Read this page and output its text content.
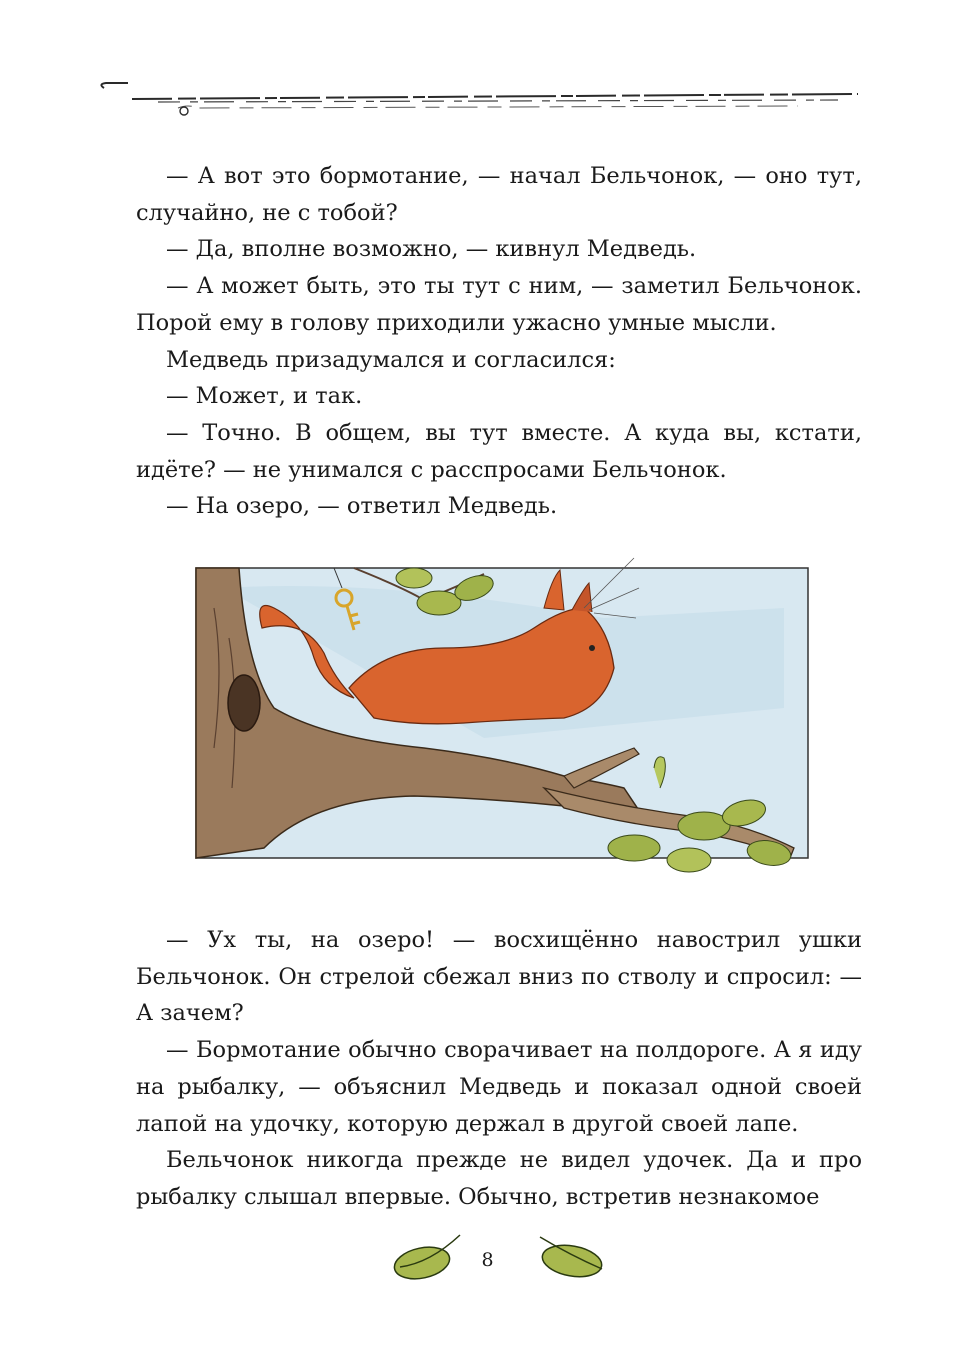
— А вот это бормотание, — начал Бельчонок, — оно тут, случайно, не с тобой?

— Да, вполне возможно, — кивнул Медведь.

— А может быть, это ты тут с ним, — заметил Бельчонок. Порой ему в голову приходили ужасно умные мысли.

Медведь призадумался и согласился:

— Может, и так.

— Точно. В общем, вы тут вместе. А куда вы, кстати, идёте? — не унимался с расспросами Бельчонок.

— На озеро, — ответил Медведь.

— Ух ты, на озеро! — восхищённо навострил ушки Бельчонок. Он стрелой сбежал вниз по стволу и спросил: — А зачем?

— Бормотание обычно сворачивает на полдороге. А я иду на рыбалку, — объяснил Медведь и показал одной своей лапой на удочку, которую держал в другой своей лапе.

Бельчонок никогда прежде не видел удочек. Да и про рыбалку слышал впервые. Обычно, встретив незнакомое

8
